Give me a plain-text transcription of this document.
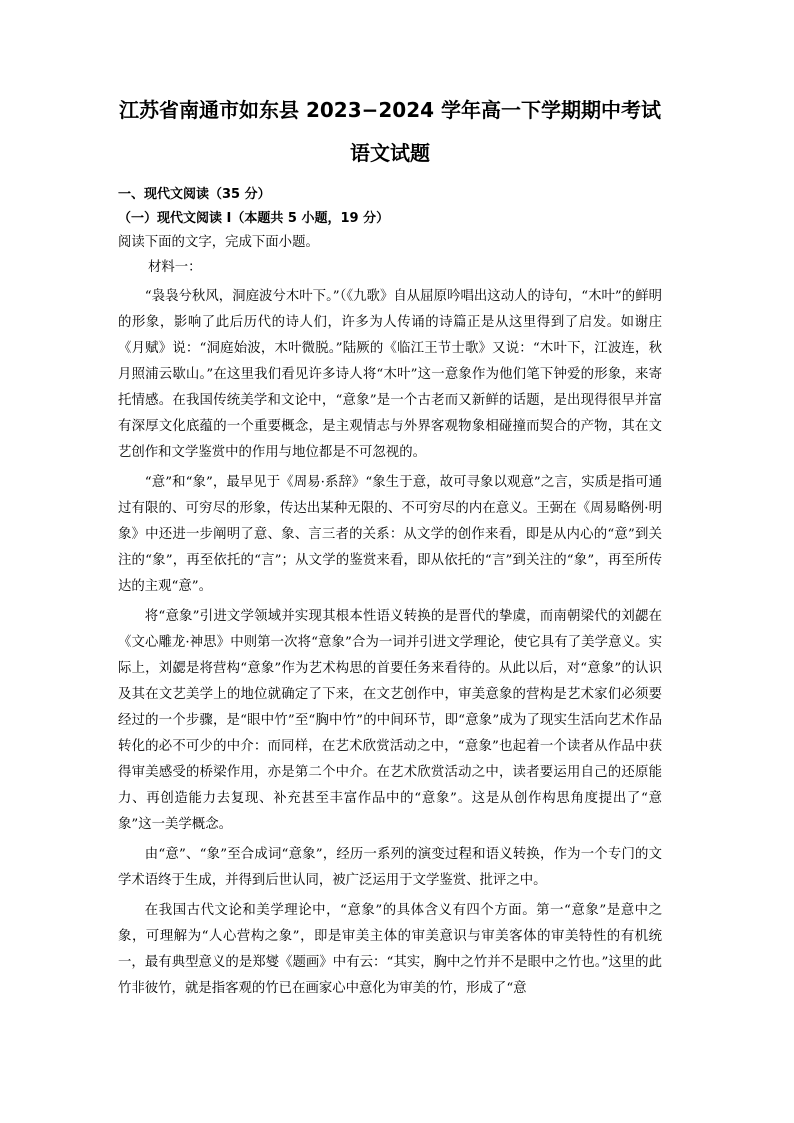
江苏省南通市如东县 2023−2024 学年高一下学期期中考试
语文试题

一、现代文阅读（35 分）

（一）现代文阅读 I（本题共 5 小题，19 分）

阅读下面的文字，完成下面小题。

材料一：

“袅袅兮秋风，洞庭波兮木叶下。”（《九歌》自从屈原吟唱出这动人的诗句，“木叶”的鲜明的形象，影响了此后历代的诗人们，许多为人传诵的诗篇正是从这里得到了启发。如谢庄《月赋》说：“洞庭始波，木叶微脱。”陆厥的《临江王节士歌》又说：“木叶下，江波连，秋月照浦云歇山。”在这里我们看见许多诗人将“木叶”这一意象作为他们笔下钟爱的形象，来寄托情感。在我国传统美学和文论中，“意象”是一个古老而又新鲜的话题，是出现得很早并富有深厚文化底蕴的一个重要概念，是主观情志与外界客观物象相碰撞而契合的产物，其在文艺创作和文学鉴赏中的作用与地位都是不可忽视的。

“意”和“象”，最早见于《周易·系辞》“象生于意，故可寻象以观意”之言，实质是指可通过有限的、可穷尽的形象，传达出某种无限的、不可穷尽的内在意义。王弼在《周易略例·明象》中还进一步阐明了意、象、言三者的关系：从文学的创作来看，即是从内心的“意”到关注的“象”，再至依托的“言”；从文学的鉴赏来看，即从依托的“言”到关注的“象”，再至所传达的主观“意”。

将“意象”引进文学领域并实现其根本性语义转换的是晋代的挚虞，而南朝梁代的刘勰在《文心雕龙·神思》中则第一次将“意象”合为一词并引进文学理论，使它具有了美学意义。实际上，刘勰是将营构“意象”作为艺术构思的首要任务来看待的。从此以后，对“意象”的认识及其在文艺美学上的地位就确定了下来，在文艺创作中，审美意象的营构是艺术家们必须要经过的一个步骤，是“眼中竹”至“胸中竹”的中间环节，即“意象”成为了现实生活向艺术作品转化的必不可少的中介：而同样，在艺术欣赏活动之中，“意象”也起着一个读者从作品中获得审美感受的桥梁作用，亦是第二个中介。在艺术欣赏活动之中，读者要运用自己的还原能力、再创造能力去复现、补充甚至丰富作品中的“意象”。这是从创作构思角度提出了“意象”这一美学概念。

由“意”、“象”至合成词“意象”，经历一系列的演变过程和语义转换，作为一个专门的文学术语终于生成，并得到后世认同，被广泛运用于文学鉴赏、批评之中。

在我国古代文论和美学理论中，“意象”的具体含义有四个方面。第一“意象”是意中之象，可理解为“人心营构之象”，即是审美主体的审美意识与审美客体的审美特性的有机统一，最有典型意义的是郑燮《题画》中有云：“其实，胸中之竹并不是眼中之竹也。”这里的此竹非彼竹，就是指客观的竹已在画家心中意化为审美的竹，形成了“意
